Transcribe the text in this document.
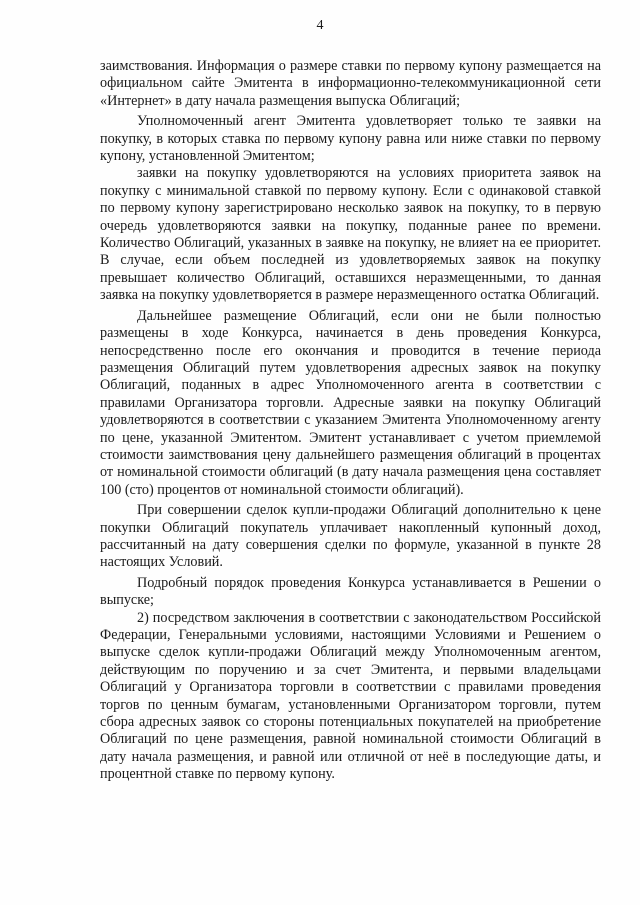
4

заимствования. Информация о размере ставки по первому купону размещается на официальном сайте Эмитента в информационно-телекоммуникационной сети «Интернет» в дату начала размещения выпуска Облигаций;

Уполномоченный агент Эмитента удовлетворяет только те заявки на покупку, в которых ставка по первому купону равна или ниже ставки по первому купону, установленной Эмитентом;

заявки на покупку удовлетворяются на условиях приоритета заявок на покупку с минимальной ставкой по первому купону. Если с одинаковой ставкой по первому купону зарегистрировано несколько заявок на покупку, то в первую очередь удовлетворяются заявки на покупку, поданные ранее по времени. Количество Облигаций, указанных в заявке на покупку, не влияет на ее приоритет. В случае, если объем последней из удовлетворяемых заявок на покупку превышает количество Облигаций, оставшихся неразмещенными, то данная заявка на покупку удовлетворяется в размере неразмещенного остатка Облигаций.

Дальнейшее размещение Облигаций, если они не были полностью размещены в ходе Конкурса, начинается в день проведения Конкурса, непосредственно после его окончания и проводится в течение периода размещения Облигаций путем удовлетворения адресных заявок на покупку Облигаций, поданных в адрес Уполномоченного агента в соответствии с правилами Организатора торговли. Адресные заявки на покупку Облигаций удовлетворяются в соответствии с указанием Эмитента Уполномоченному агенту по цене, указанной Эмитентом. Эмитент устанавливает с учетом приемлемой стоимости заимствования цену дальнейшего размещения облигаций в процентах от номинальной стоимости облигаций (в дату начала размещения цена составляет 100 (сто) процентов от номинальной стоимости облигаций).

При совершении сделок купли-продажи Облигаций дополнительно к цене покупки Облигаций покупатель уплачивает накопленный купонный доход, рассчитанный на дату совершения сделки по формуле, указанной в пункте 28 настоящих Условий.

Подробный порядок проведения Конкурса устанавливается в Решении о выпуске;

2) посредством заключения в соответствии с законодательством Российской Федерации, Генеральными условиями, настоящими Условиями и Решением о выпуске сделок купли-продажи Облигаций между Уполномоченным агентом, действующим по поручению и за счет Эмитента, и первыми владельцами Облигаций у Организатора торговли в соответствии с правилами проведения торгов по ценным бумагам, установленными Организатором торговли, путем сбора адресных заявок со стороны потенциальных покупателей на приобретение Облигаций по цене размещения, равной номинальной стоимости Облигаций в дату начала размещения, и равной или отличной от неё в последующие даты, и процентной ставке по первому купону.
